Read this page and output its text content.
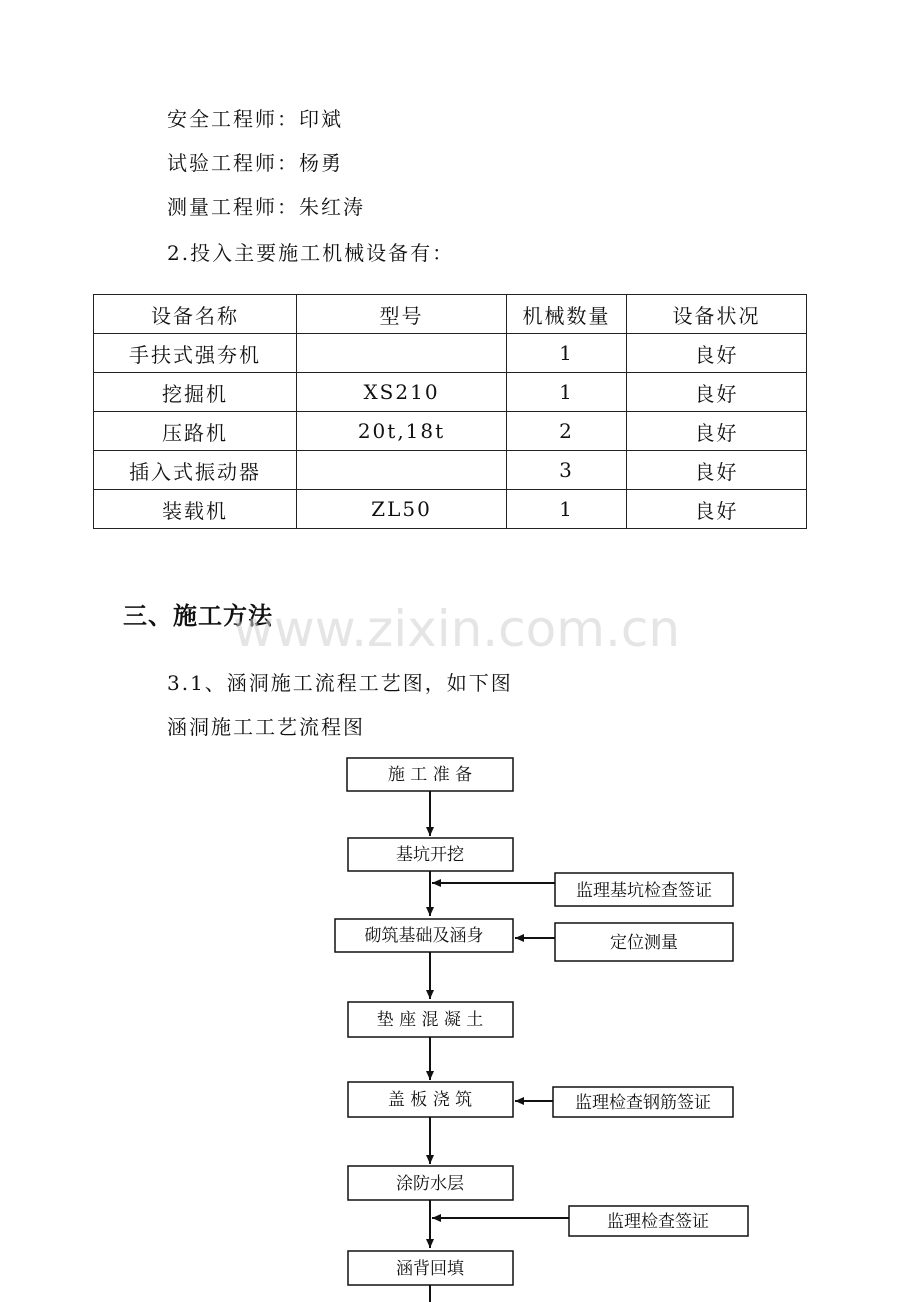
安全工程师：印斌
试验工程师：杨勇
测量工程师：朱红涛
2.投入主要施工机械设备有：
设备名称	型号	机械数量	设备状况
手扶式强夯机		1	良好
挖掘机	XS210	1	良好
压路机	20t,18t	2	良好
插入式振动器		3	良好
装载机	ZL50	1	良好
三、施工方法
www.zixin.com.cn
3.1、涵洞施工流程工艺图，如下图
涵洞施工工艺流程图
施 工 准 备
基坑开挖
砌筑基础及涵身
垫 座 混 凝 土
盖 板 浇 筑
涂防水层
涵背回填
监理基坑检查签证
定位测量
监理检查钢筋签证
监理检查签证
